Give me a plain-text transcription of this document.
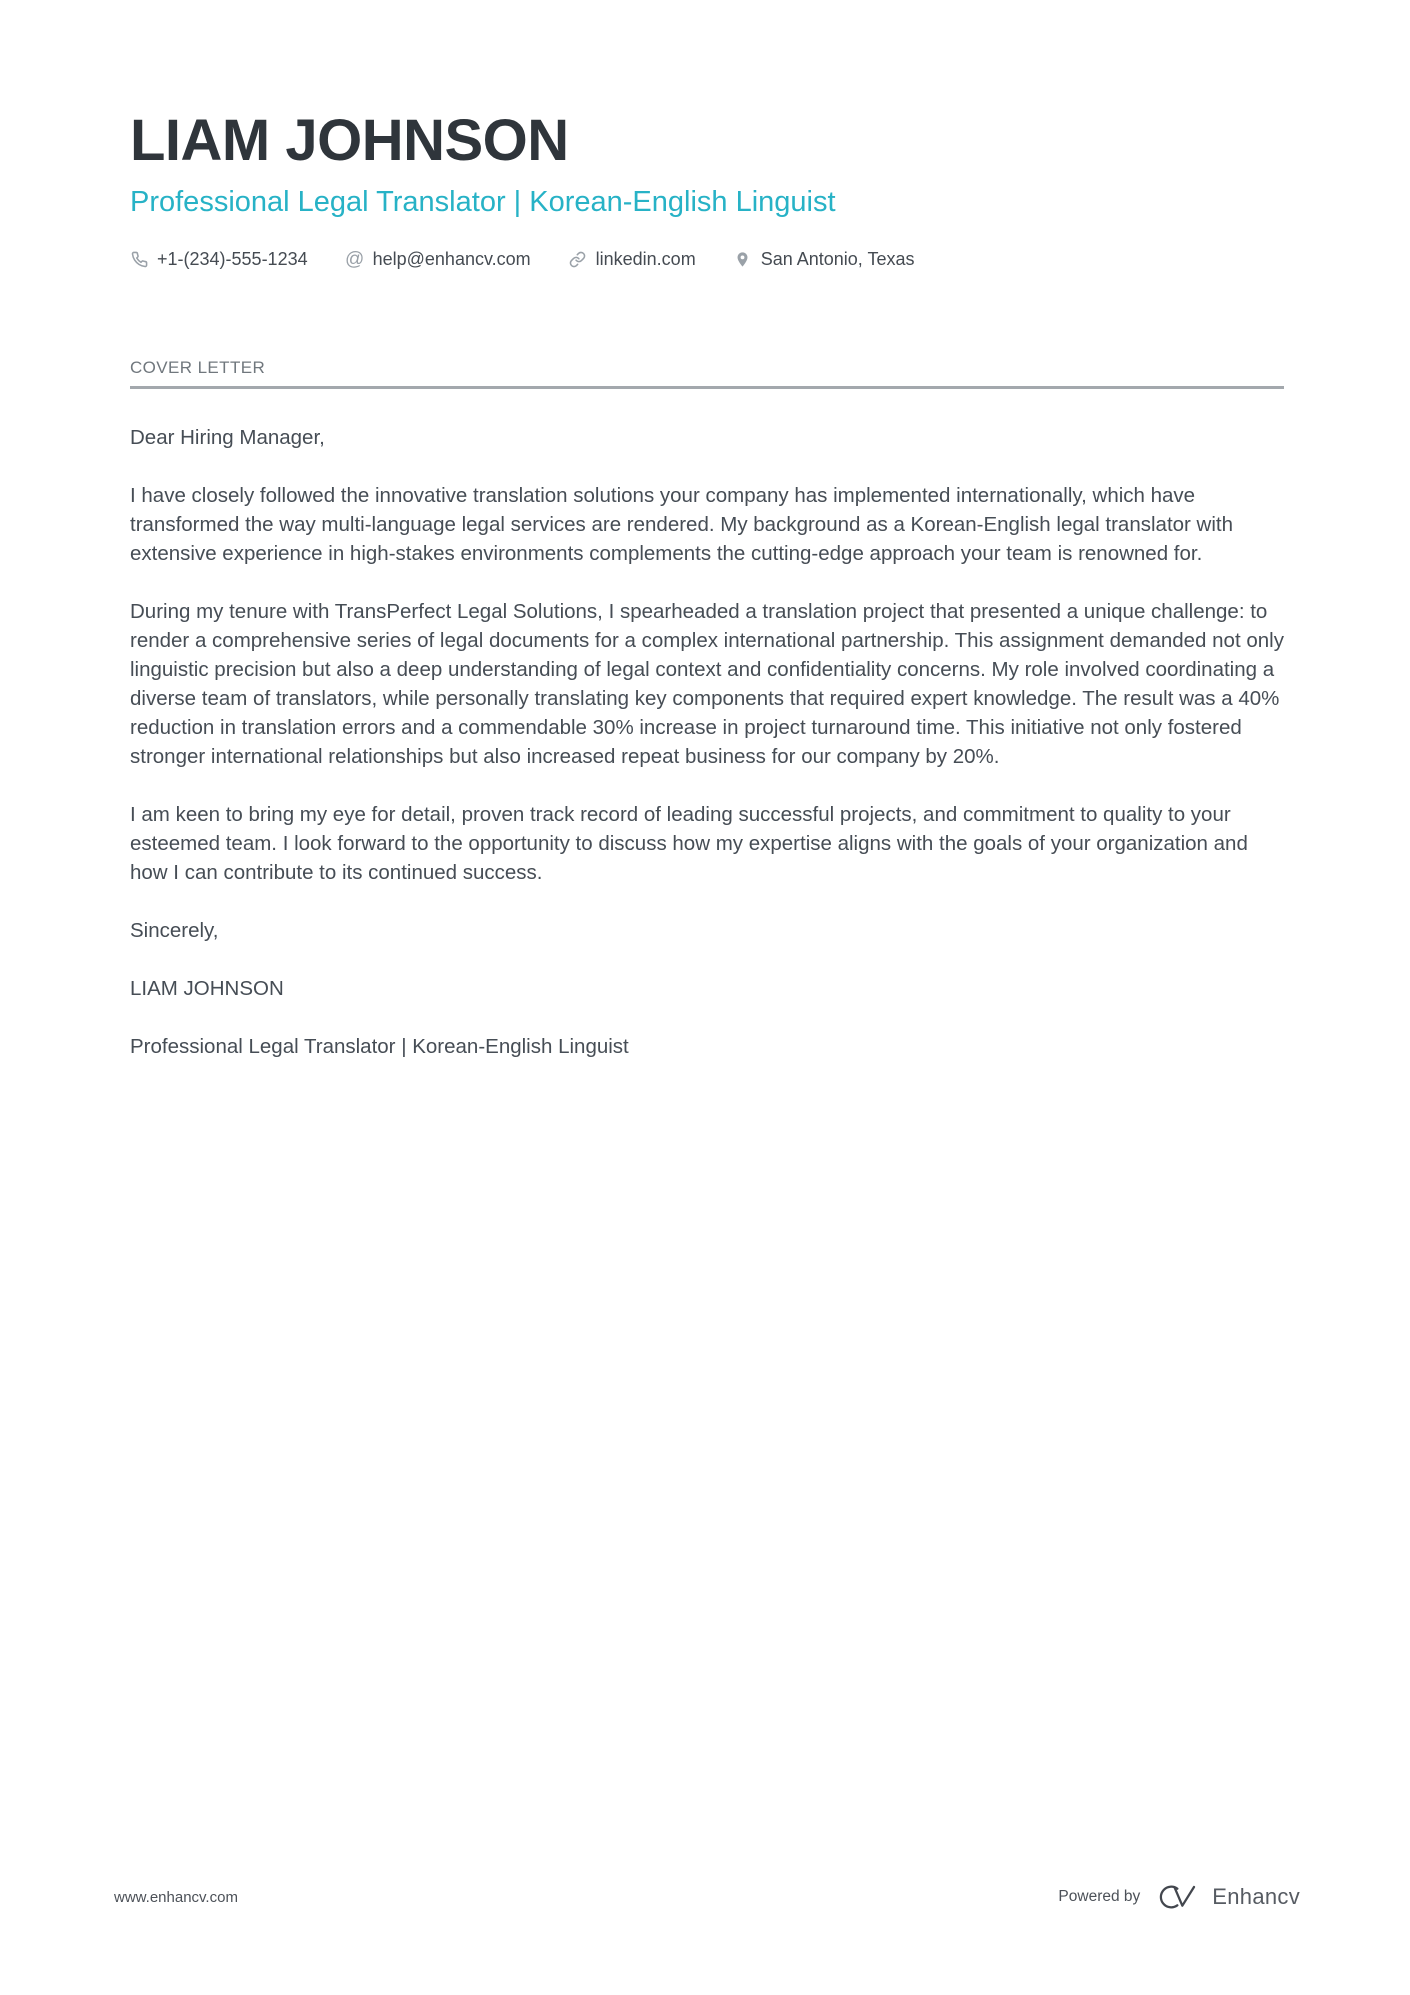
LIAM JOHNSON
Professional Legal Translator | Korean-English Linguist
+1-(234)-555-1234 @ help@enhancv.com	linkedin.com	San Antonio, Texas
COVER LETTER

Dear Hiring Manager,

I have closely followed the innovative translation solutions your company has implemented internationally, which have transformed the way multi-language legal services are rendered. My background as a Korean-English legal translator with extensive experience in high-stakes environments complements the cutting-edge approach your team is renowned for.

During my tenure with TransPerfect Legal Solutions, I spearheaded a translation project that presented a unique challenge: to render a comprehensive series of legal documents for a complex international partnership. This assignment demanded not only linguistic precision but also a deep understanding of legal context and confidentiality concerns. My role involved coordinating a diverse team of translators, while personally translating key components that required expert knowledge. The result was a 40% reduction in translation errors and a commendable 30% increase in project turnaround time. This initiative not only fostered stronger international relationships but also increased repeat business for our company by 20%.

I am keen to bring my eye for detail, proven track record of leading successful projects, and commitment to quality to your esteemed team. I look forward to the opportunity to discuss how my expertise aligns with the goals of your organization and how I can contribute to its continued success.

Sincerely,

LIAM JOHNSON

Professional Legal Translator | Korean-English Linguist

www.enhancv.com	Powered by	Enhancv
